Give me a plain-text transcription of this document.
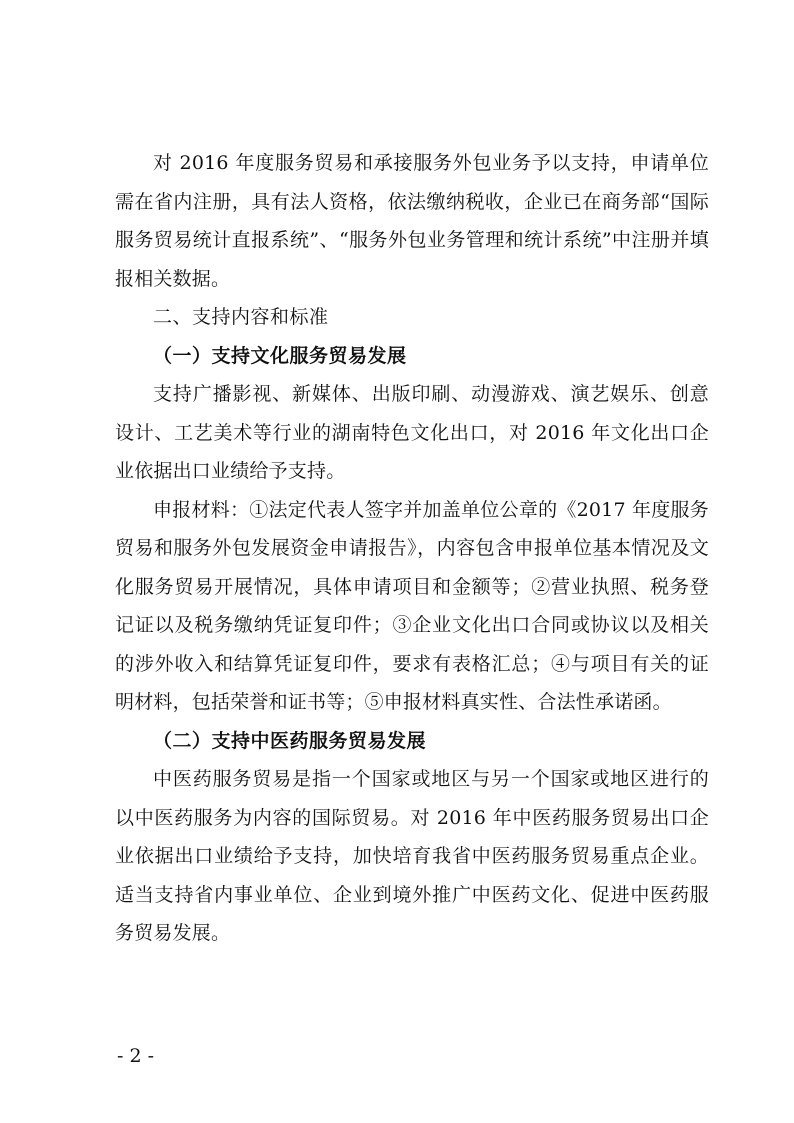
对 2016 年度服务贸易和承接服务外包业务予以支持，申请单位需在省内注册，具有法人资格，依法缴纳税收，企业已在商务部“国际服务贸易统计直报系统”、“服务外包业务管理和统计系统”中注册并填报相关数据。

二、支持内容和标准

（一）支持文化服务贸易发展

支持广播影视、新媒体、出版印刷、动漫游戏、演艺娱乐、创意设计、工艺美术等行业的湖南特色文化出口，对 2016 年文化出口企业依据出口业绩给予支持。

申报材料：①法定代表人签字并加盖单位公章的《2017 年度服务贸易和服务外包发展资金申请报告》，内容包含申报单位基本情况及文化服务贸易开展情况，具体申请项目和金额等；②营业执照、税务登记证以及税务缴纳凭证复印件；③企业文化出口合同或协议以及相关的涉外收入和结算凭证复印件，要求有表格汇总；④与项目有关的证明材料，包括荣誉和证书等；⑤申报材料真实性、合法性承诺函。

（二）支持中医药服务贸易发展

中医药服务贸易是指一个国家或地区与另一个国家或地区进行的以中医药服务为内容的国际贸易。对 2016 年中医药服务贸易出口企业依据出口业绩给予支持，加快培育我省中医药服务贸易重点企业。适当支持省内事业单位、企业到境外推广中医药文化、促进中医药服务贸易发展。

- 2 -
